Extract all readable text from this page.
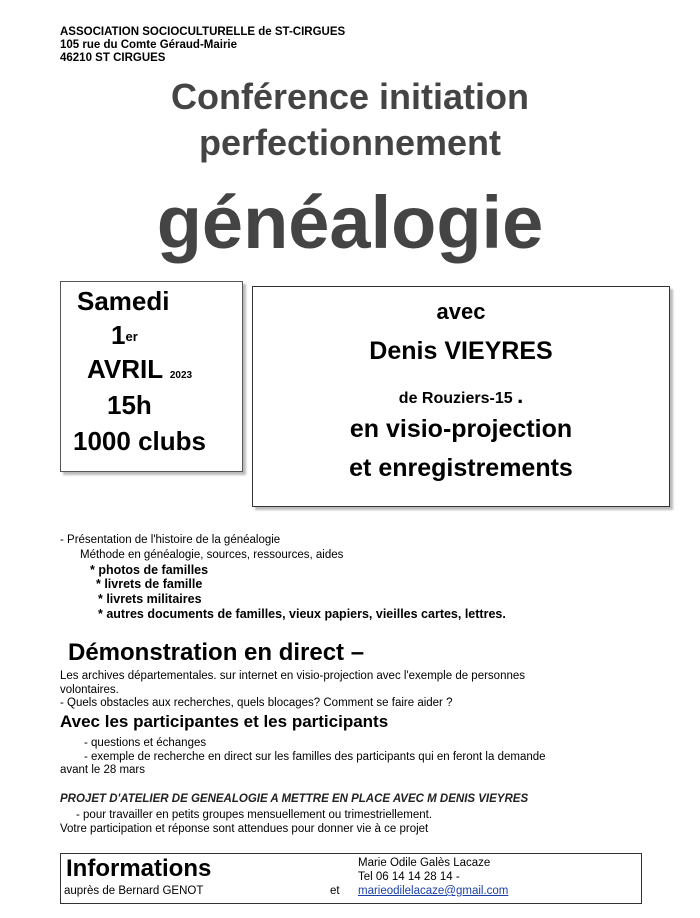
ASSOCIATION SOCIOCULTURELLE de ST-CIRGUES
105 rue du Comte Géraud-Mairie
46210 ST CIRGUES
Conférence initiation
perfectionnement
généalogie
Samedi
1er
AVRIL 2023
15h
1000 clubs
avec
Denis VIEYRES
de Rouziers-15 .
en visio-projection
et enregistrements
- Présentation de l'histoire de la généalogie
Méthode en généalogie, sources, ressources, aides
* photos de familles
* livrets de famille
* livrets militaires
* autres documents de familles, vieux papiers, vieilles cartes, lettres.
Démonstration en direct –
Les archives départementales. sur internet en visio-projection avec l'exemple de personnes
volontaires.
- Quels obstacles aux recherches, quels blocages? Comment se faire aider ?
Avec les participantes et les participants
- questions et échanges
- exemple de recherche en direct sur les familles des participants qui en feront la demande
avant le 28 mars
PROJET D'ATELIER DE GENEALOGIE A METTRE EN PLACE AVEC M DENIS VIEYRES
- pour travailler en petits groupes mensuellement ou trimestriellement.
Votre participation et réponse sont attendues pour donner vie à ce projet
Informations
auprès de Bernard GENOT	et
Marie Odile Galès Lacaze
Tel 06 14 14 28 14 -
marieodilelacaze@gmail.com
